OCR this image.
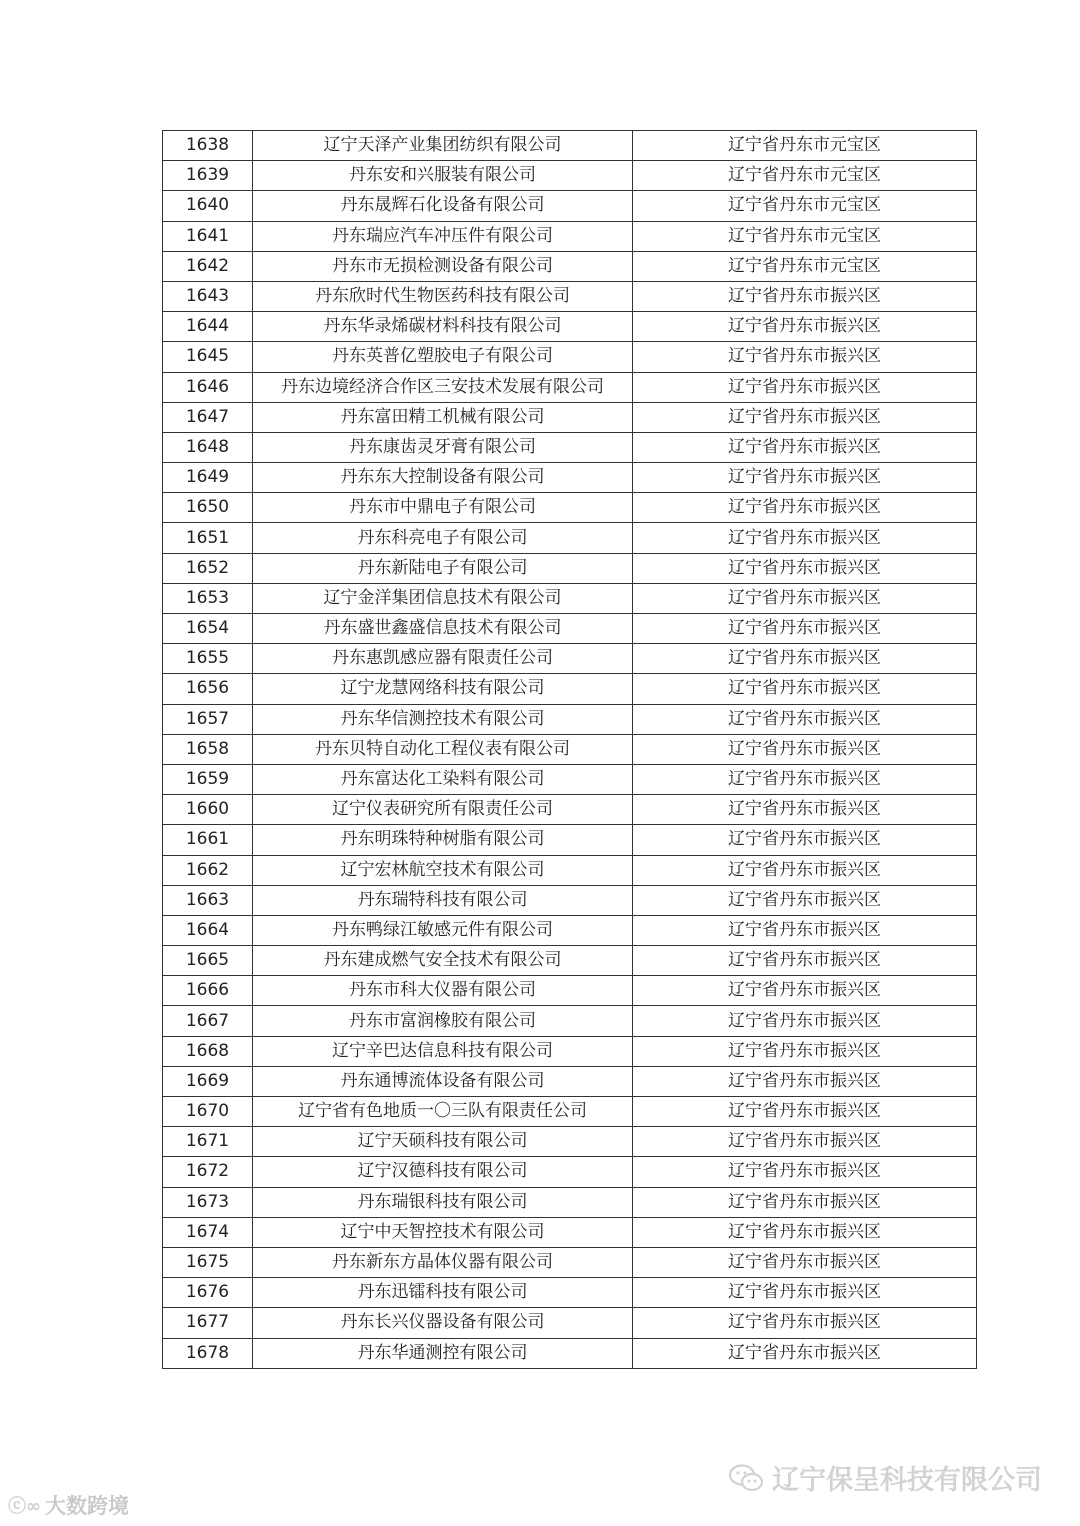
1638	辽宁天泽产业集团纺织有限公司	辽宁省丹东市元宝区
1639	丹东安和兴服装有限公司	辽宁省丹东市元宝区
1640	丹东晟辉石化设备有限公司	辽宁省丹东市元宝区
1641	丹东瑞应汽车冲压件有限公司	辽宁省丹东市元宝区
1642	丹东市无损检测设备有限公司	辽宁省丹东市元宝区
1643	丹东欣时代生物医药科技有限公司	辽宁省丹东市振兴区
1644	丹东华录烯碳材料科技有限公司	辽宁省丹东市振兴区
1645	丹东英普亿塑胶电子有限公司	辽宁省丹东市振兴区
1646	丹东边境经济合作区三安技术发展有限公司	辽宁省丹东市振兴区
1647	丹东富田精工机械有限公司	辽宁省丹东市振兴区
1648	丹东康齿灵牙膏有限公司	辽宁省丹东市振兴区
1649	丹东东大控制设备有限公司	辽宁省丹东市振兴区
1650	丹东市中鼎电子有限公司	辽宁省丹东市振兴区
1651	丹东科亮电子有限公司	辽宁省丹东市振兴区
1652	丹东新陆电子有限公司	辽宁省丹东市振兴区
1653	辽宁金洋集团信息技术有限公司	辽宁省丹东市振兴区
1654	丹东盛世鑫盛信息技术有限公司	辽宁省丹东市振兴区
1655	丹东惠凯感应器有限责任公司	辽宁省丹东市振兴区
1656	辽宁龙慧网络科技有限公司	辽宁省丹东市振兴区
1657	丹东华信测控技术有限公司	辽宁省丹东市振兴区
1658	丹东贝特自动化工程仪表有限公司	辽宁省丹东市振兴区
1659	丹东富达化工染料有限公司	辽宁省丹东市振兴区
1660	辽宁仪表研究所有限责任公司	辽宁省丹东市振兴区
1661	丹东明珠特种树脂有限公司	辽宁省丹东市振兴区
1662	辽宁宏林航空技术有限公司	辽宁省丹东市振兴区
1663	丹东瑞特科技有限公司	辽宁省丹东市振兴区
1664	丹东鸭绿江敏感元件有限公司	辽宁省丹东市振兴区
1665	丹东建成燃气安全技术有限公司	辽宁省丹东市振兴区
1666	丹东市科大仪器有限公司	辽宁省丹东市振兴区
1667	丹东市富润橡胶有限公司	辽宁省丹东市振兴区
1668	辽宁辛巴达信息科技有限公司	辽宁省丹东市振兴区
1669	丹东通博流体设备有限公司	辽宁省丹东市振兴区
1670	辽宁省有色地质一〇三队有限责任公司	辽宁省丹东市振兴区
1671	辽宁天硕科技有限公司	辽宁省丹东市振兴区
1672	辽宁汉德科技有限公司	辽宁省丹东市振兴区
1673	丹东瑞银科技有限公司	辽宁省丹东市振兴区
1674	辽宁中天智控技术有限公司	辽宁省丹东市振兴区
1675	丹东新东方晶体仪器有限公司	辽宁省丹东市振兴区
1676	丹东迅镭科技有限公司	辽宁省丹东市振兴区
1677	丹东长兴仪器设备有限公司	辽宁省丹东市振兴区
1678	丹东华通测控有限公司	辽宁省丹东市振兴区
ⓒ∞ 大数跨境
辽宁保呈科技有限公司
